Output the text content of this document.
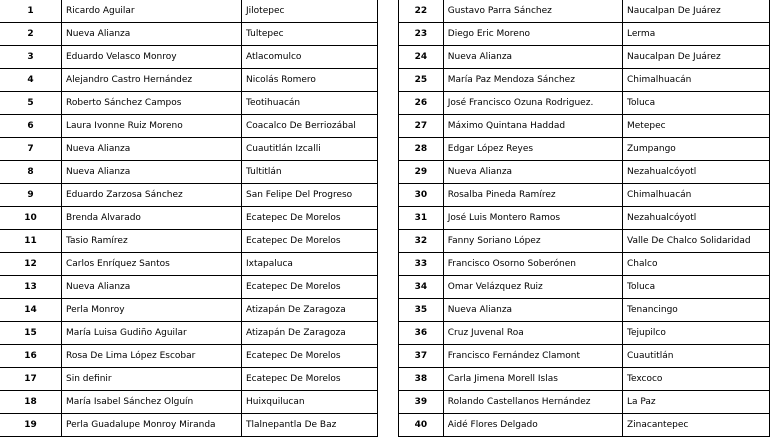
1	Ricardo Aguilar	Jilotepec
2	Nueva Alianza	Tultepec
3	Eduardo Velasco Monroy	Atlacomulco
4	Alejandro Castro Hernández	Nicolás Romero
5	Roberto Sánchez Campos	Teotihuacán
6	Laura Ivonne Ruiz Moreno	Coacalco De Berriozábal
7	Nueva Alianza	Cuautitlán Izcalli
8	Nueva Alianza	Tultitlán
9	Eduardo Zarzosa Sánchez	San Felipe Del Progreso
10	Brenda Alvarado	Ecatepec De Morelos
11	Tasio Ramírez	Ecatepec De Morelos
12	Carlos Enríquez Santos	Ixtapaluca
13	Nueva Alianza	Ecatepec De Morelos
14	Perla Monroy	Atizapán De Zaragoza
15	María Luisa Gudiño Aguilar	Atizapán De Zaragoza
16	Rosa De Lima López Escobar	Ecatepec De Morelos
17	Sin definir	Ecatepec De Morelos
18	María Isabel Sánchez Olguín	Huixquilucan
19	Perla Guadalupe Monroy Miranda	Tlalnepantla De Baz
22	Gustavo Parra Sánchez	Naucalpan De Juárez
23	Diego Eric Moreno	Lerma
24	Nueva Alianza	Naucalpan De Juárez
25	María Paz Mendoza Sánchez	Chimalhuacán
26	José Francisco Ozuna Rodriguez.	Toluca
27	Máximo Quintana Haddad	Metepec
28	Edgar López Reyes	Zumpango
29	Nueva Alianza	Nezahualcóyotl
30	Rosalba Pineda Ramírez	Chimalhuacán
31	José Luis Montero Ramos	Nezahualcóyotl
32	Fanny Soriano López	Valle De Chalco Solidaridad
33	Francisco Osorno Soberónen	Chalco
34	Omar Velázquez Ruiz	Toluca
35	Nueva Alianza	Tenancingo
36	Cruz Juvenal Roa	Tejupilco
37	Francisco Fernández Clamont	Cuautitlán
38	Carla Jimena Morell Islas	Texcoco
39	Rolando Castellanos Hernández	La Paz
40	Aidé Flores Delgado	Zinacantepec
